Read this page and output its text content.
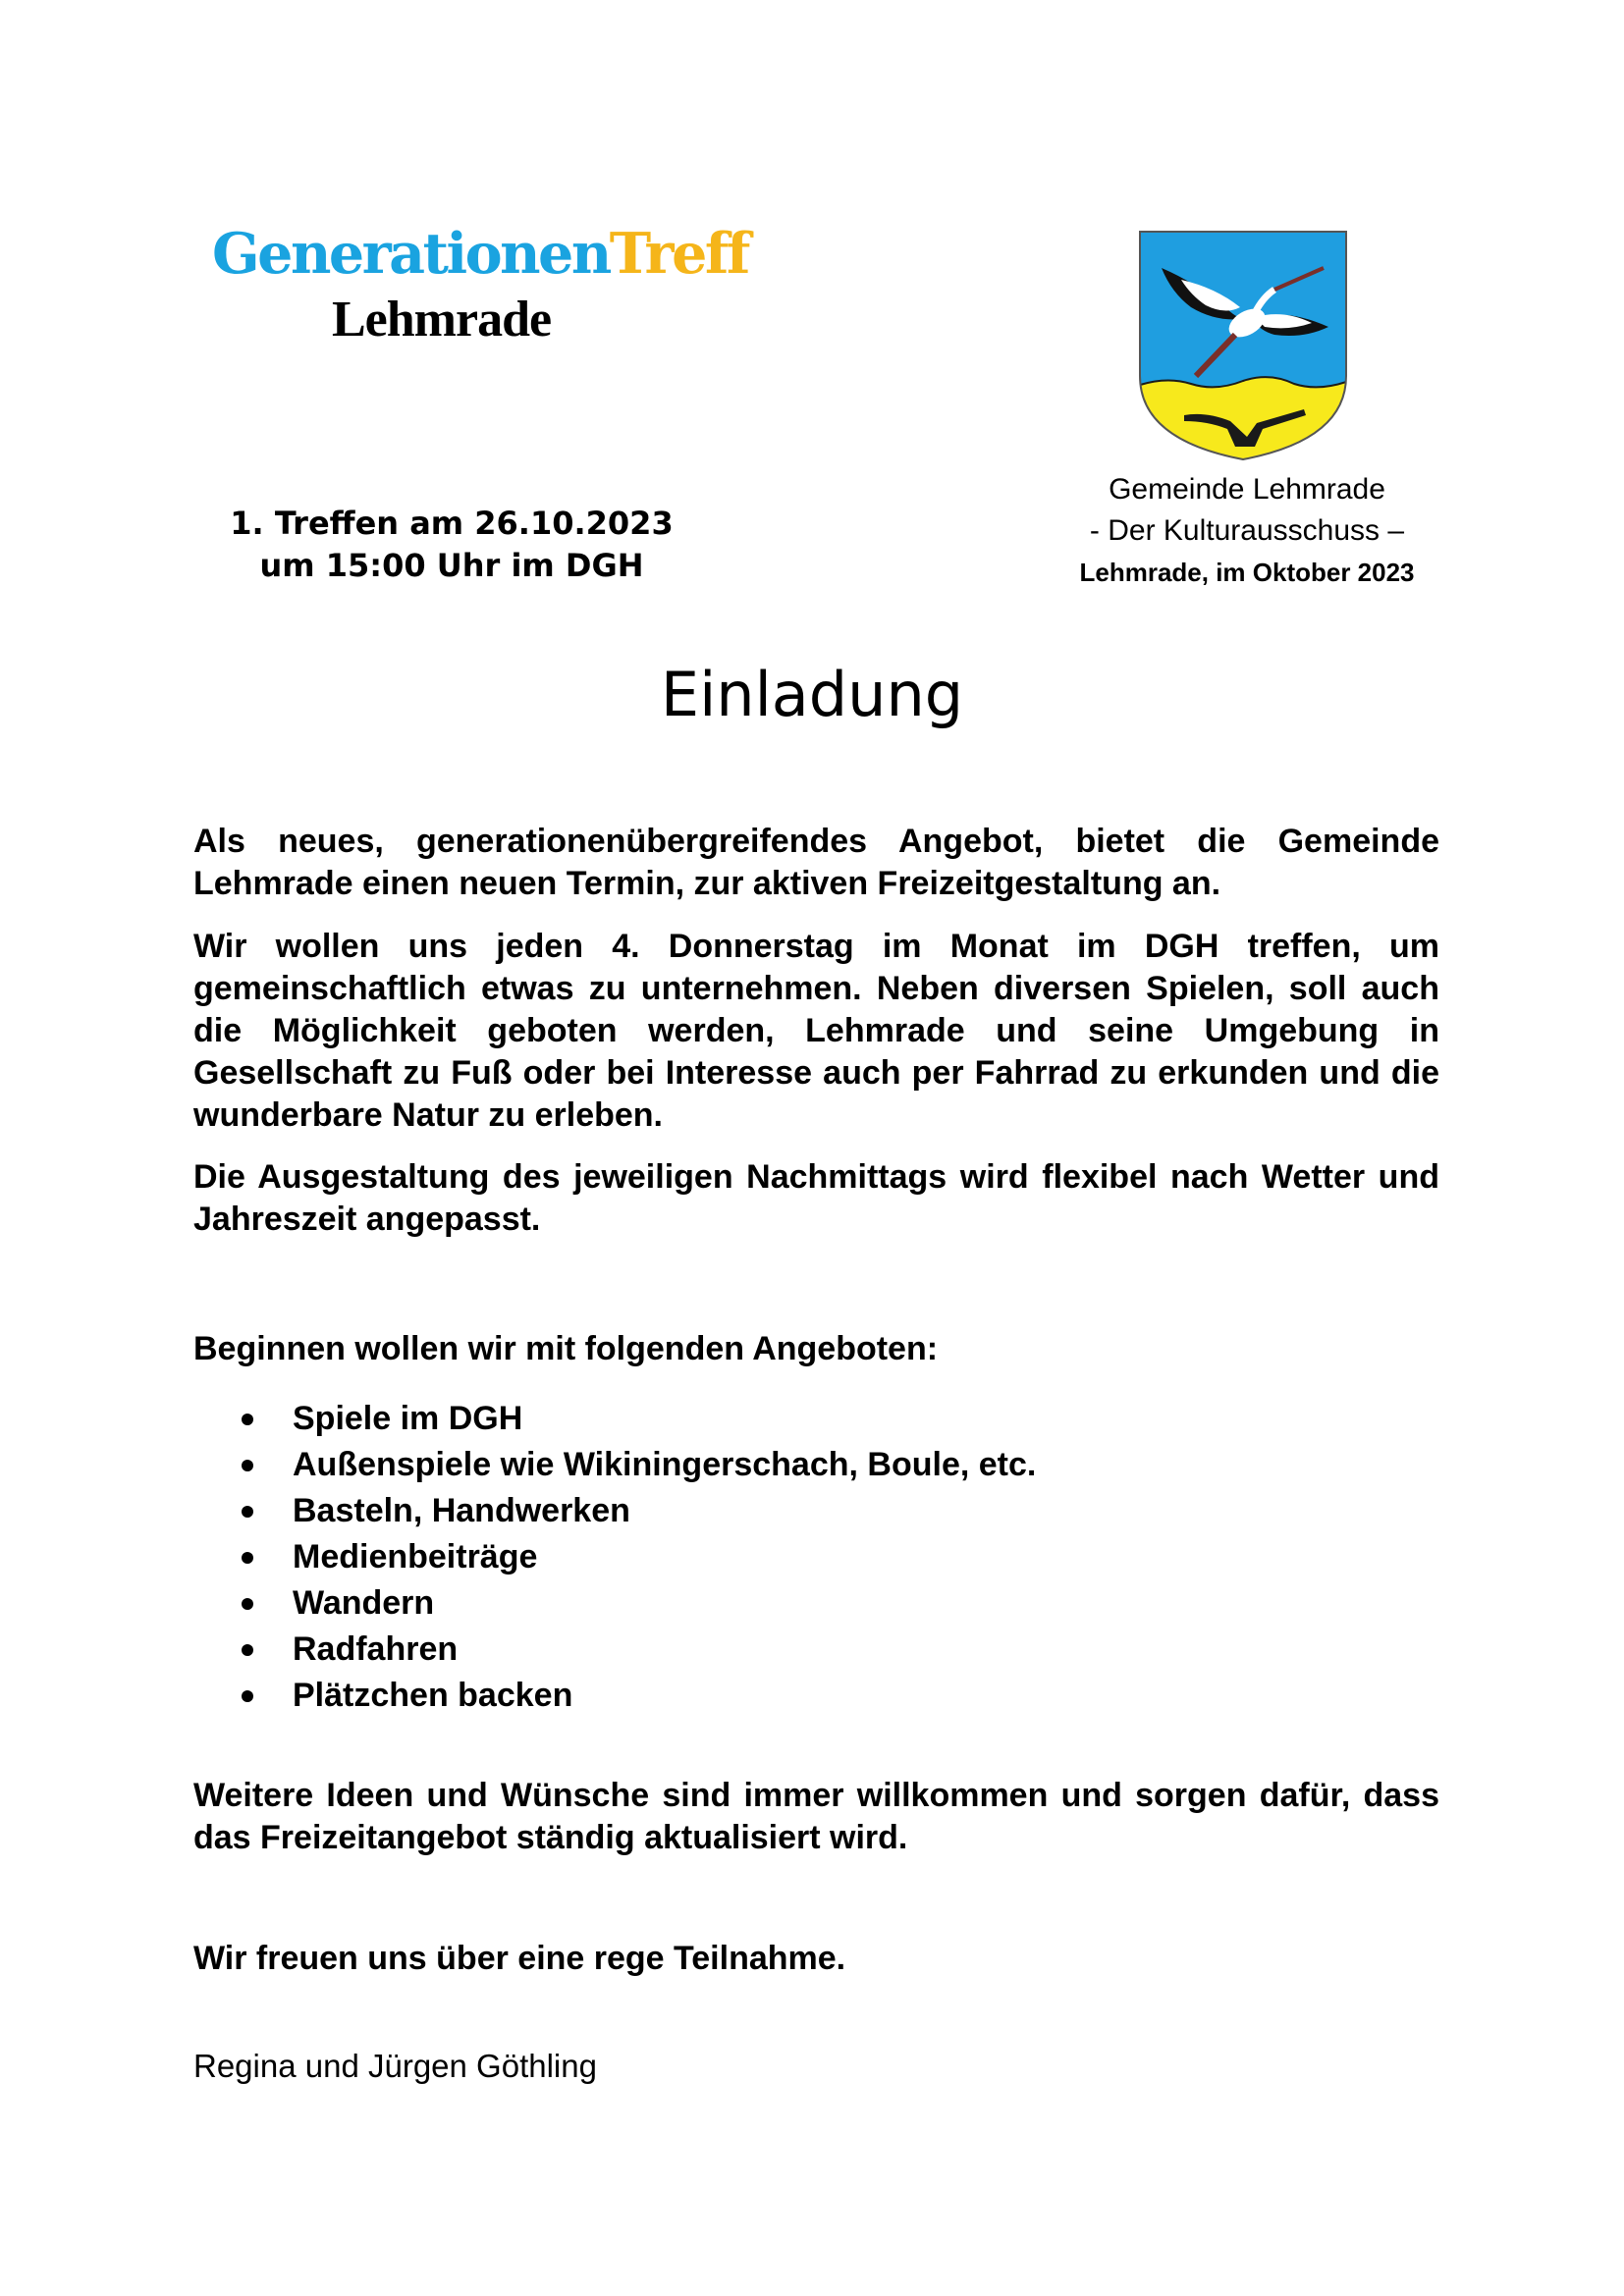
GenerationenTreff
Lehmrade
1. Treffen am 26.10.2023
um 15:00 Uhr im DGH
Gemeinde Lehmrade
- Der Kulturausschuss –
Lehmrade, im Oktober 2023
Einladung
Als neues, generationenübergreifendes Angebot, bietet die Gemeinde Lehmrade einen neuen Termin, zur aktiven Freizeitgestaltung an.
Wir wollen uns jeden 4. Donnerstag im Monat im DGH treffen, um gemeinschaftlich etwas zu unternehmen. Neben diversen Spielen, soll auch die Möglichkeit geboten werden, Lehmrade und seine Umgebung in Gesellschaft zu Fuß oder bei Interesse auch per Fahrrad zu erkunden und die wunderbare Natur zu erleben.
Die Ausgestaltung des jeweiligen Nachmittags wird flexibel nach Wetter und Jahreszeit angepasst.
Beginnen wollen wir mit folgenden Angeboten:
Spiele im DGH
Außenspiele wie Wikiningerschach, Boule, etc.
Basteln, Handwerken
Medienbeiträge
Wandern
Radfahren
Plätzchen backen
Weitere Ideen und Wünsche sind immer willkommen und sorgen dafür, dass das Freizeitangebot ständig aktualisiert wird.
Wir freuen uns über eine rege Teilnahme.
Regina und Jürgen Göthling
